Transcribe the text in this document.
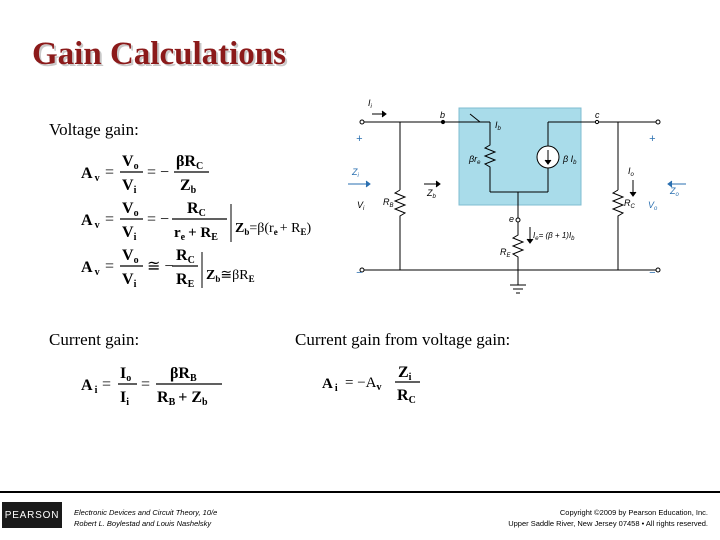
Gain Calculations
Voltage gain:
Current gain:	Current gain from voltage gain:
Av =
Vo
Vi
= −
βRC
Zb
Av =
Vo
Vi
= −
RC
$r_e + R_E$
$Z_b=\beta(r_e + R_E)$
Av =
Vo
Vi
≅ −
RC
RE
$Z_b≅\beta R_E$
Ai =
Io
Ii
=
βRB
RB + Zb
A $_i = -A_v$
Zi
RC
$I_i$
b	c
e
$I_b$
$\beta r_e$	β $I_b$
$Z_i$
$Z_b$
$V_i$
$R_B$
$R_E$
$I_e= (\beta + 1)I_b$
$I_o$
$R_C$
$Z_o$
$V_o$
+
−
+
−
PEARSON	Electronic Devices and Circuit Theory, 10/e
Robert L. Boylestad and Louis Nashelsky
Copyright ©2009 by Pearson Education, Inc.
Upper Saddle River, New Jersey 07458 • All rights reserved.
